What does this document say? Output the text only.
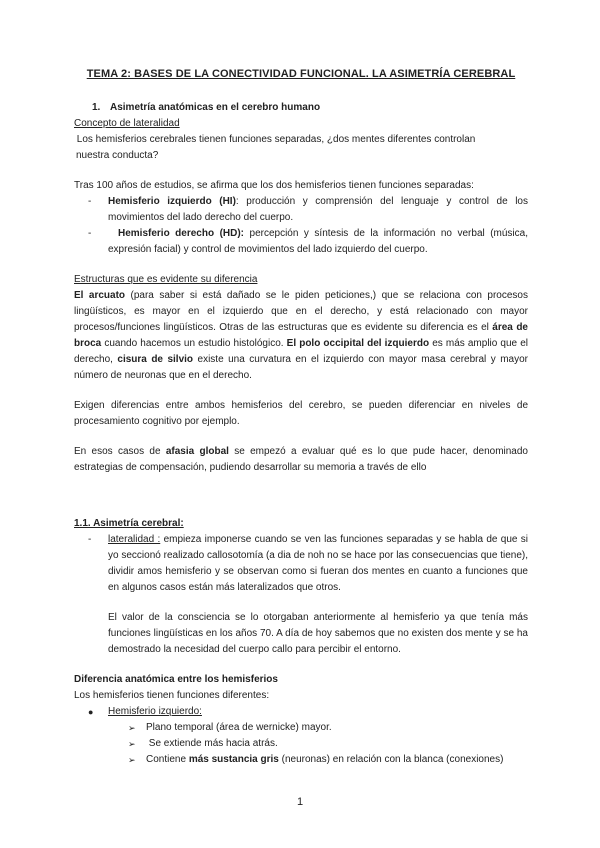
TEMA 2: BASES DE LA CONECTIVIDAD FUNCIONAL. LA ASIMETRÍA CEREBRAL
1. Asimetría anatómicas en el cerebro humano

Concepto de lateralidad

Los hemisferios cerebrales tienen funciones separadas, ¿dos mentes diferentes controlan

nuestra conducta?

Tras 100 años de estudios, se afirma que los dos hemisferios tienen funciones separadas:

- Hemisferio izquierdo (HI): producción y comprensión del lenguaje y control de los movimientos del lado derecho del cuerpo.
-	Hemisferio derecho (HD): percepción y síntesis de la información no verbal (música, expresión facial) y control de movimientos del lado izquierdo del cuerpo.

Estructuras que es evidente su diferencia

El arcuato (para saber si está dañado se le piden peticiones,) que se relaciona con procesos lingüísticos, es mayor en el izquierdo que en el derecho, y está relacionado con mayor procesos/funciones lingüísticos. Otras de las estructuras que es evidente su diferencia es el área de broca cuando hacemos un estudio histológico. El polo occipital del izquierdo es más amplio que el derecho, cisura de silvio existe una curvatura en el izquierdo con mayor masa cerebral y mayor número de neuronas que en el derecho.

Exigen diferencias entre ambos hemisferios del cerebro, se pueden diferenciar en niveles de procesamiento cognitivo por ejemplo.

En esos casos de afasia global se empezó a evaluar qué es lo que pude hacer, denominado estrategias de compensación, pudiendo desarrollar su memoria a través de ello

1.1. Asimetría cerebral:

- lateralidad : empieza imponerse cuando se ven las funciones separadas y se habla de que si yo seccionó realizado callosotomía (a dia de noh no se hace por las consecuencias que tiene), dividir amos hemisferio y se observan como si fueran dos mentes en cuanto a funciones que en algunos casos están más lateralizados que otros.

El valor de la consciencia se lo otorgaban anteriormente al hemisferio ya que tenía más funciones lingüísticas en los años 70. A día de hoy sabemos que no existen dos mente y se ha demostrado la necesidad del cuerpo callo para percibir el entorno.

Diferencia anatómica entre los hemisferios

Los hemisferios tienen funciones diferentes:

● Hemisferio izquierdo:
➢ Plano temporal (área de wernicke) mayor.
➢ Se extiende más hacia atrás.
➢ Contiene más sustancia gris (neuronas) en relación con la blanca (conexiones)
1
